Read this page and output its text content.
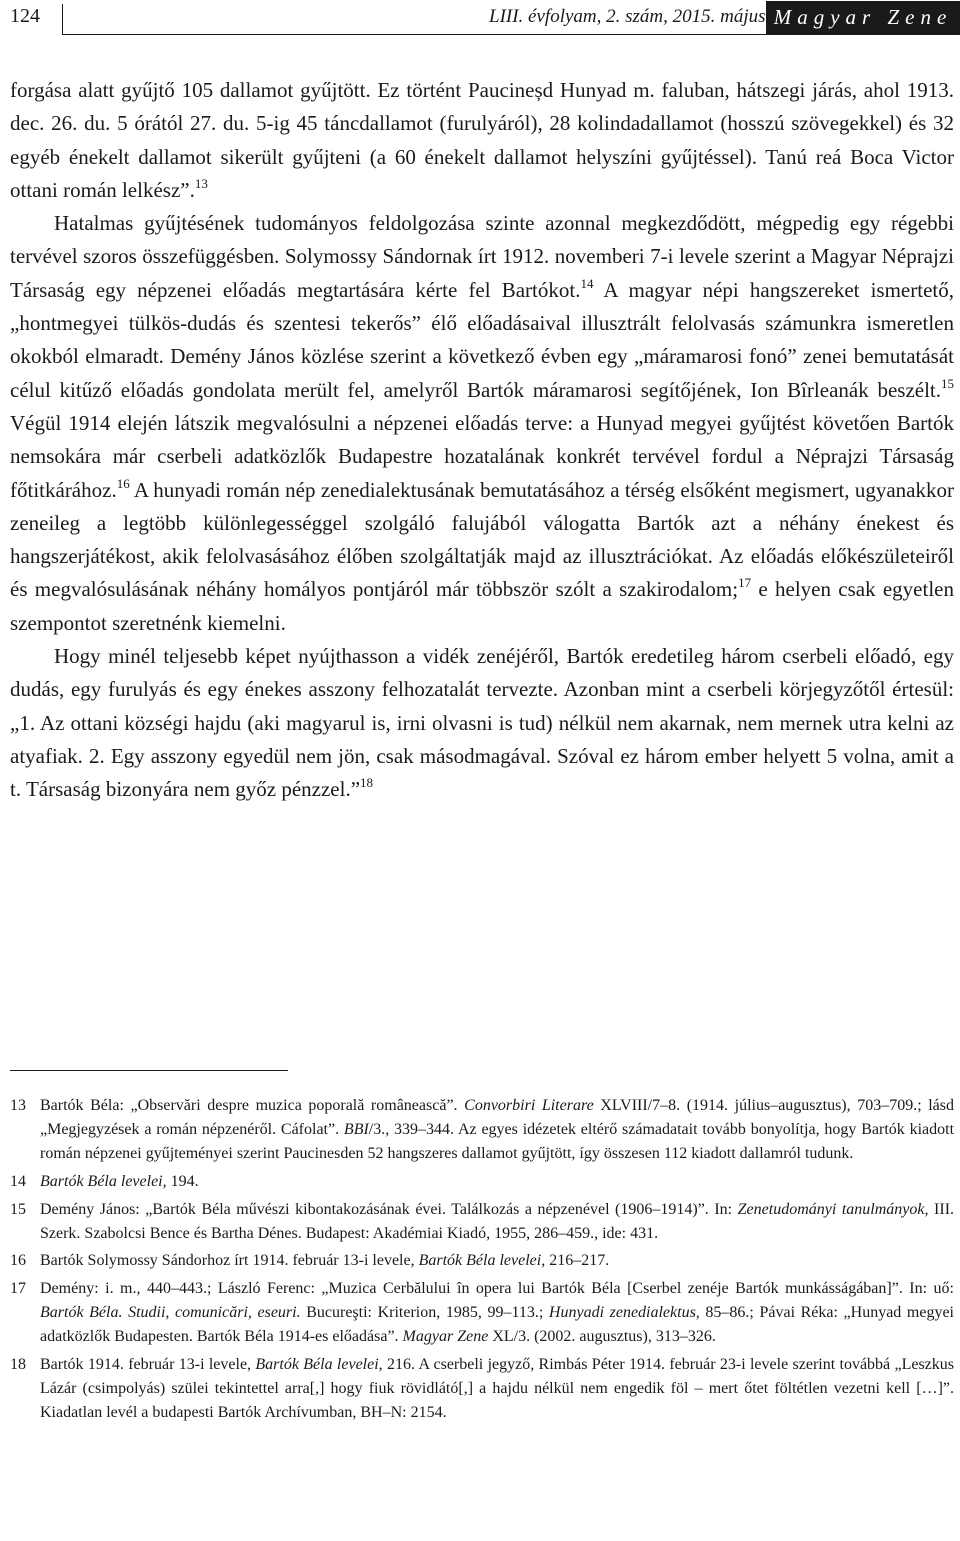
124	LIII. évfolyam, 2. szám, 2015. május Magyar Zene

forgása alatt gyűjtő 105 dallamot gyűjtött. Ez történt Paucineșd Hunyad m. faluban, hátszegi járás, ahol 1913. dec. 26. du. 5 órától 27. du. 5-ig 45 táncdallamot (furulyáról), 28 kolindadallamot (hosszú szövegekkel) és 32 egyéb énekelt dallamot sikerült gyűjteni (a 60 énekelt dallamot helyszíni gyűjtéssel). Tanú reá Boca Victor ottani román lelkész”.$^{13}$

Hatalmas gyűjtésének tudományos feldolgozása szinte azonnal megkezdődött, mégpedig egy régebbi tervével szoros összefüggésben. Solymossy Sándornak írt 1912. novemberi 7-i levele szerint a Magyar Néprajzi Társaság egy népzenei előadás megtartására kérte fel Bartókot.$^{14}$ A magyar népi hangszereket ismertető, „hontmegyei tülkös-dudás és szentesi tekerős” élő előadásaival illusztrált felolvasás számunkra ismeretlen okokból elmaradt. Demény János közlése szerint a következő évben egy „máramarosi fonó” zenei bemutatását célul kitűző előadás gondolata merült fel, amelyről Bartók máramarosi segítőjének, Ion Bîrleanák beszélt.$^{15}$ Végül 1914 elején látszik megvalósulni a népzenei előadás terve: a Hunyad megyei gyűjtést követően Bartók nemsokára már cserbeli adatközlők Budapestre hozatalának konkrét tervével fordul a Néprajzi Társaság főtitkárához.$^{16}$ A hunyadi román nép zenedialektusának bemutatásához a térség elsőként megismert, ugyanakkor zeneileg a legtöbb különlegességgel szolgáló falujából válogatta Bartók azt a néhány énekest és hangszerjátékost, akik felolvasásához élőben szolgáltatják majd az illusztrációkat. Az előadás előkészületeiről és megvalósulásának néhány homályos pontjáról már többször szólt a szakirodalom;$^{17}$ e helyen csak egyetlen szempontot szeretnénk kiemelni.

Hogy minél teljesebb képet nyújthasson a vidék zenéjéről, Bartók eredetileg három cserbeli előadó, egy dudás, egy furulyás és egy énekes asszony felhozatalát tervezte. Azonban mint a cserbeli körjegyzőtől értesül: „1. Az ottani községi hajdu (aki magyarul is, irni olvasni is tud) nélkül nem akarnak, nem mernek utra kelni az atyafiak. 2. Egy asszony egyedül nem jön, csak másodmagával. Szóval ez három ember helyett 5 volna, amit a t. Társaság bizonyára nem győz pénzzel.”$^{18}$

13 Bartók Béla: „Observări despre muzica poporală românească”. Convorbiri Literare XLVIII/7–8. (1914. július–augusztus), 703–709.; lásd „Megjegyzések a román népzenéről. Cáfolat”. BBI/3., 339–344. Az egyes idézetek eltérő számadatait tovább bonyolítja, hogy Bartók kiadott román népzenei gyűjteményei szerint Paucinesden 52 hangszeres dallamot gyűjtött, így összesen 112 kiadott dallamról tudunk.
14 Bartók Béla levelei, 194.
15 Demény János: „Bartók Béla művészi kibontakozásának évei. Találkozás a népzenével (1906–1914)”. In: Zenetudományi tanulmányok, III. Szerk. Szabolcsi Bence és Bartha Dénes. Budapest: Akadémiai Kiadó, 1955, 286–459., ide: 431.
16 Bartók Solymossy Sándorhoz írt 1914. február 13-i levele, Bartók Béla levelei, 216–217.
17 Demény: i. m., 440–443.; László Ferenc: „Muzica Cerbălului în opera lui Bartók Béla [Cserbel zenéje Bartók munkásságában]”. In: uő: Bartók Béla. Studii, comunicări, eseuri. Bucureşti: Kriterion, 1985, 99–113.; Hunyadi zenedialektus, 85–86.; Pávai Réka: „Hunyad megyei adatközlők Budapesten. Bartók Béla 1914-es előadása”. Magyar Zene XL/3. (2002. augusztus), 313–326.
18 Bartók 1914. február 13-i levele, Bartók Béla levelei, 216. A cserbeli jegyző, Rimbás Péter 1914. február 23-i levele szerint továbbá „Leszkus Lázár (csimpolyás) szülei tekintettel arra[,] hogy fiuk rövidlátó[,] a hajdu nélkül nem engedik föl – mert őtet föltétlen vezetni kell […]”. Kiadatlan levél a budapesti Bartók Archívumban, BH–N: 2154.
